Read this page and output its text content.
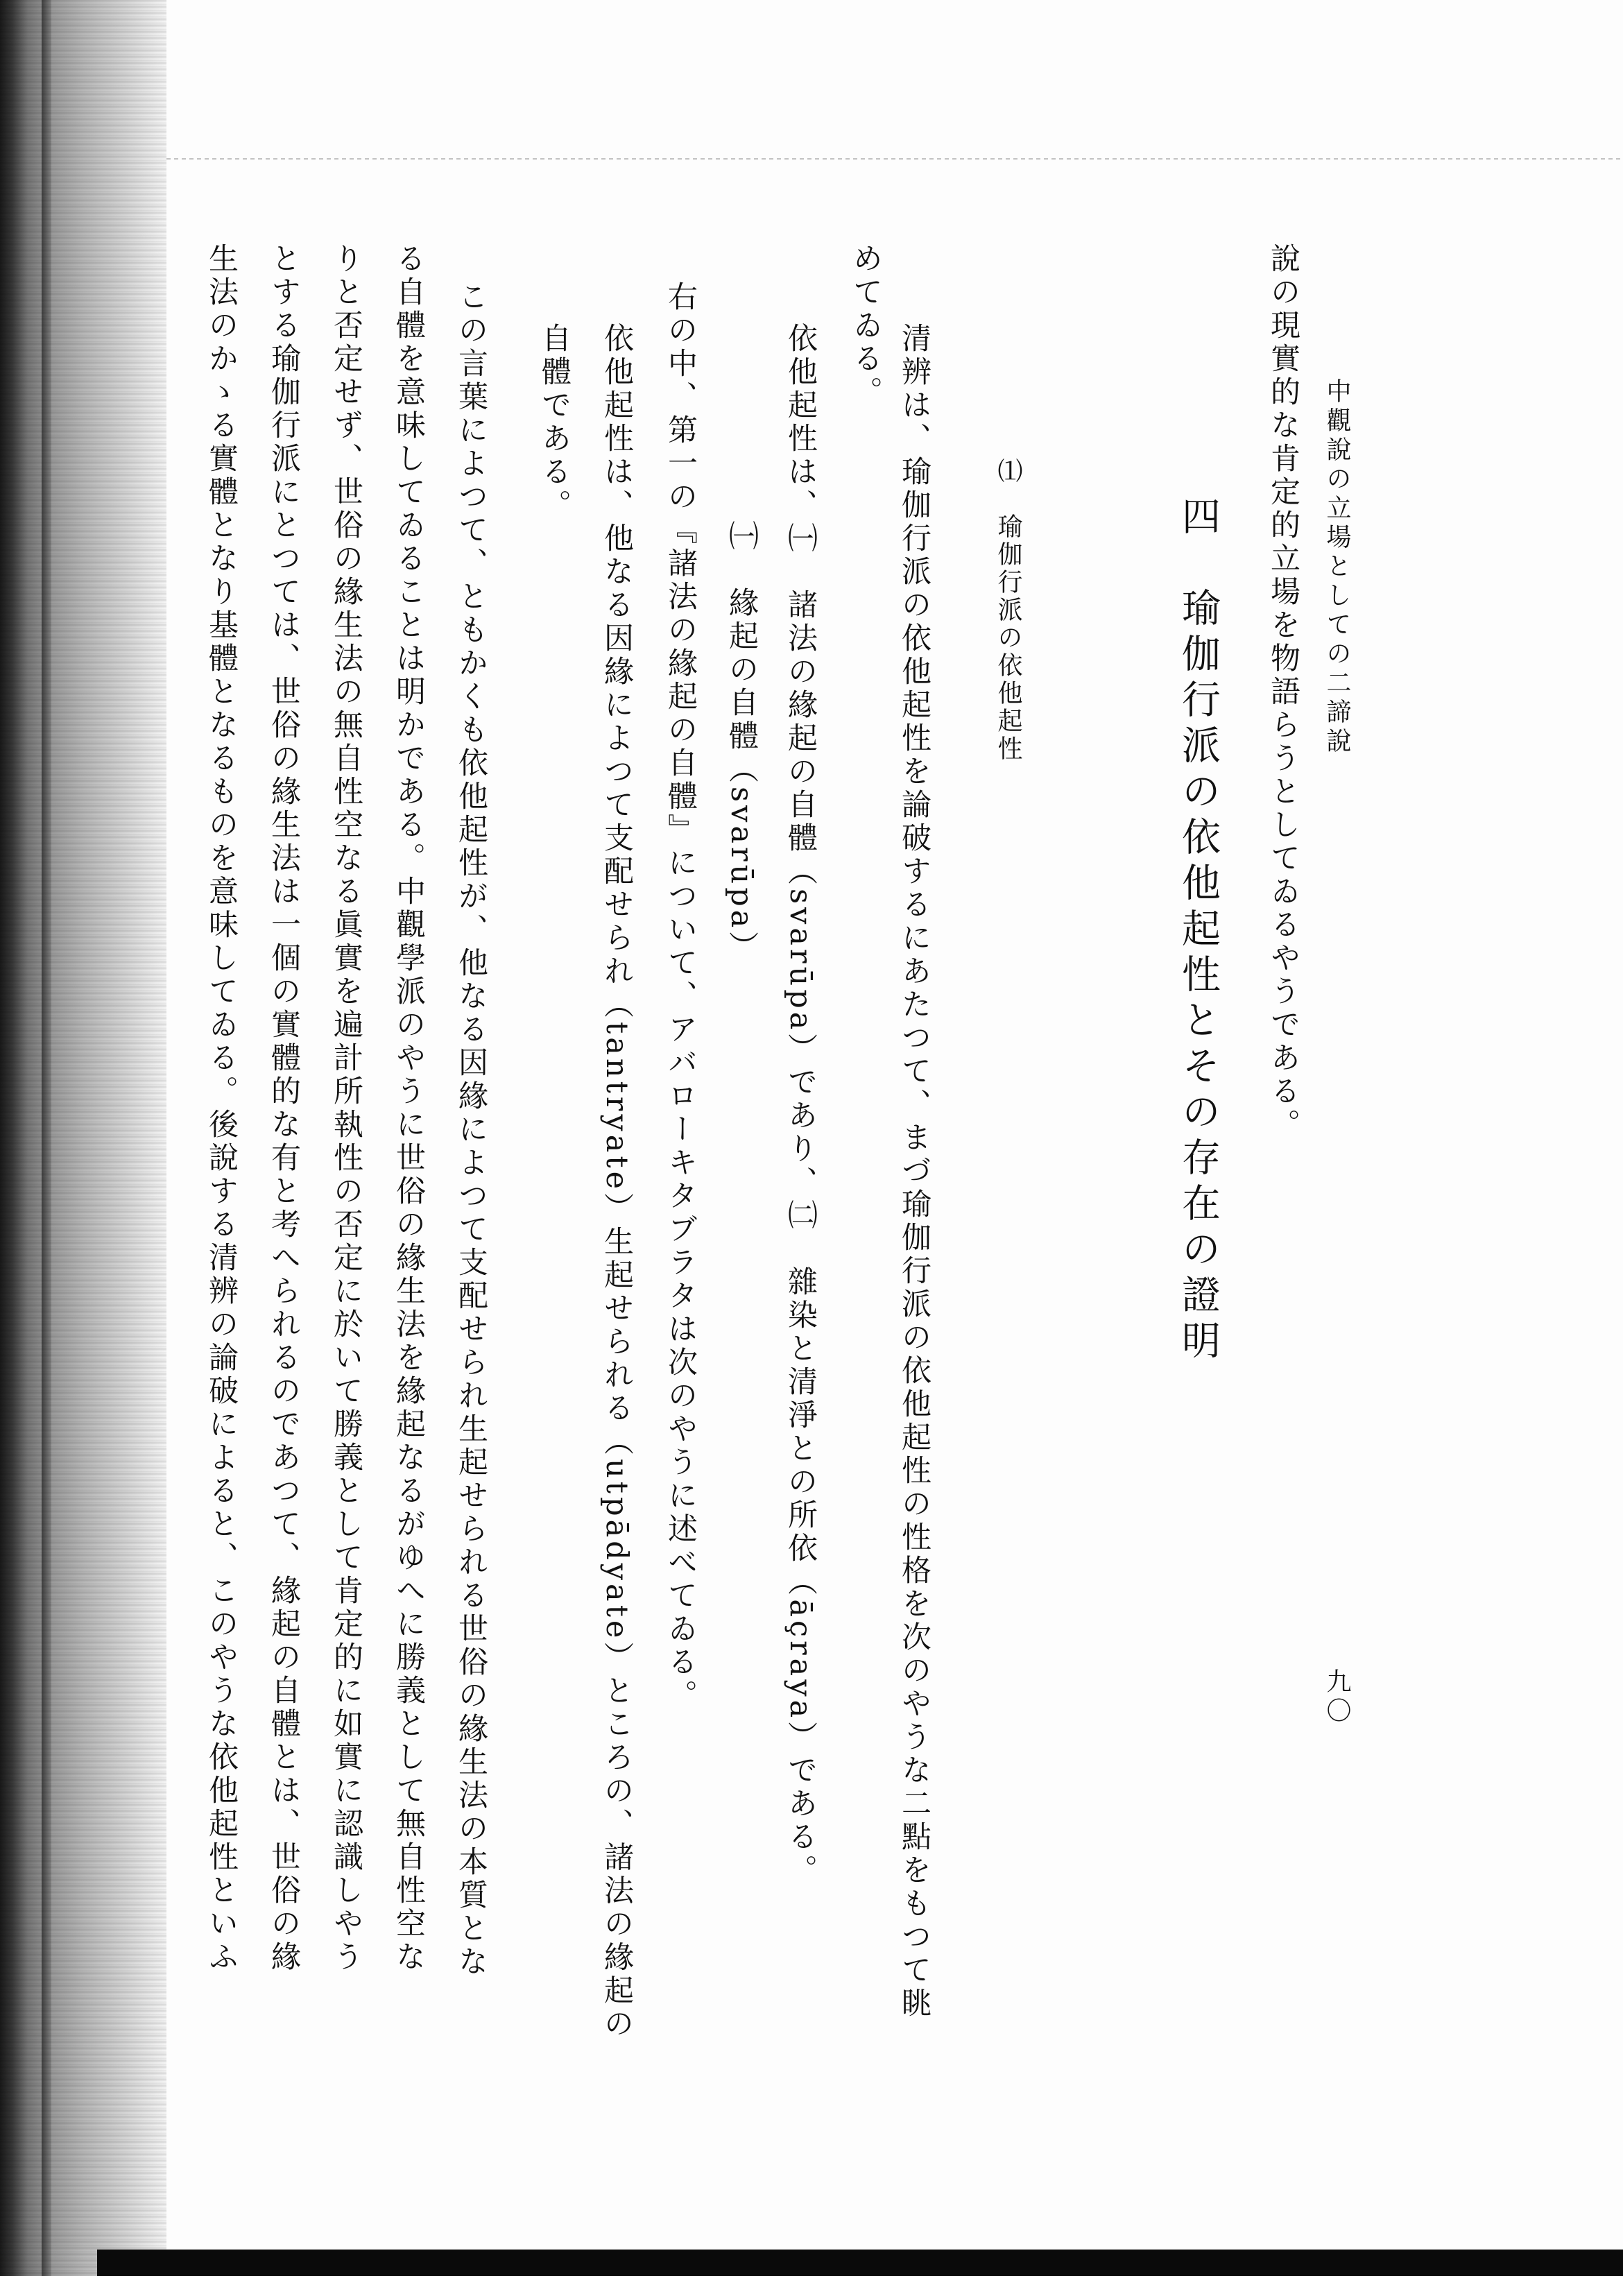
中觀說の立場としての二諦說
九〇
說の現實的な肯定的立場を物語らうとしてゐるやうである。
四　瑜伽行派の依他起性とその存在の證明
⑴　瑜伽行派の依他起性
清辨は、瑜伽行派の依他起性を論破するにあたつて、まづ瑜伽行派の依他起性の性格を次のやうな二點をもつて眺
めてゐる。
依他起性は、㈠　諸法の緣起の自體（svarūpa）であり、㈡　雜染と清淨との所依（āçraya）である。
㈠　緣起の自體（svarūpa）
右の中、第一の『諸法の緣起の自體』について、アバローキタブラタは次のやうに述べてゐる。
依他起性は、他なる因緣によつて支配せられ（tantryate）生起せられる（utpādyate）ところの、諸法の緣起の
自體である。
この言葉によつて、ともかくも依他起性が、他なる因緣によつて支配せられ生起せられる世俗の緣生法の本質とな
る自體を意味してゐることは明かである。中觀學派のやうに世俗の緣生法を緣起なるがゆへに勝義として無自性空な
りと否定せず、世俗の緣生法の無自性空なる眞實を遍計所執性の否定に於いて勝義として肯定的に如實に認識しやう
とする瑜伽行派にとつては、世俗の緣生法は一個の實體的な有と考へられるのであつて、緣起の自體とは、世俗の緣
生法のかゝる實體となり基體となるものを意味してゐる。後說する清辨の論破によると、このやうな依他起性といふ
